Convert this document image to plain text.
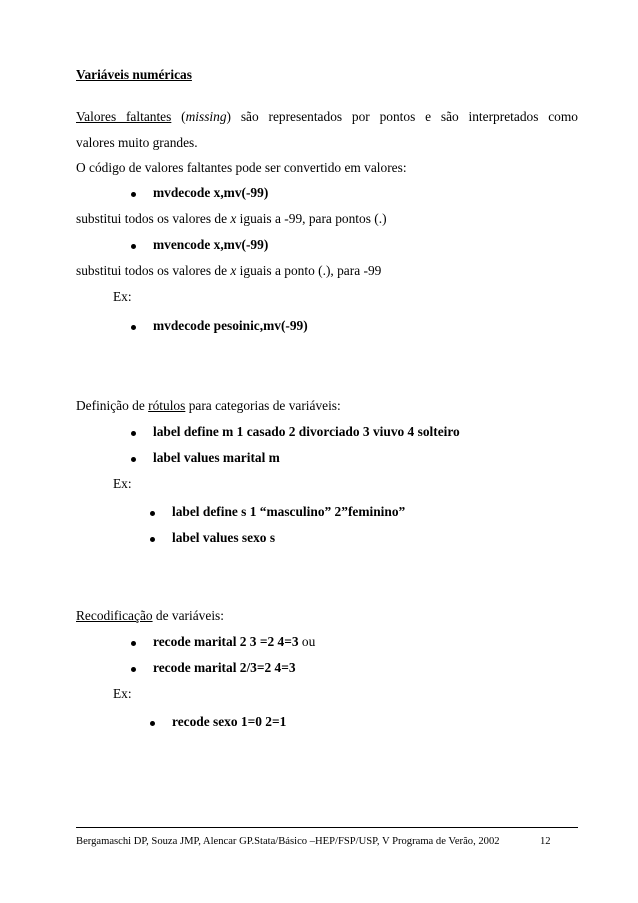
Variáveis numéricas
Valores faltantes (missing) são representados por pontos e são interpretados como
valores muito grandes.
O código de valores faltantes pode ser convertido em valores:
mvdecode x,mv(-99)
substitui todos os valores de x iguais a -99, para pontos (.)
mvencode x,mv(-99)
substitui todos os valores de x iguais a ponto (.), para -99
Ex:
mvdecode pesoinic,mv(-99)
Definição de rótulos para categorias de variáveis:
label define m 1 casado 2 divorciado 3 viuvo 4 solteiro
label values marital m
Ex:
label define s 1 “masculino” 2”feminino”
label values sexo s
Recodificação de variáveis:
recode marital 2 3 =2 4=3 ou
recode marital 2/3=2 4=3
Ex:
recode sexo 1=0 2=1
Bergamaschi DP, Souza JMP, Alencar GP.Stata/Básico –HEP/FSP/USP, V Programa de Verão, 2002	12
